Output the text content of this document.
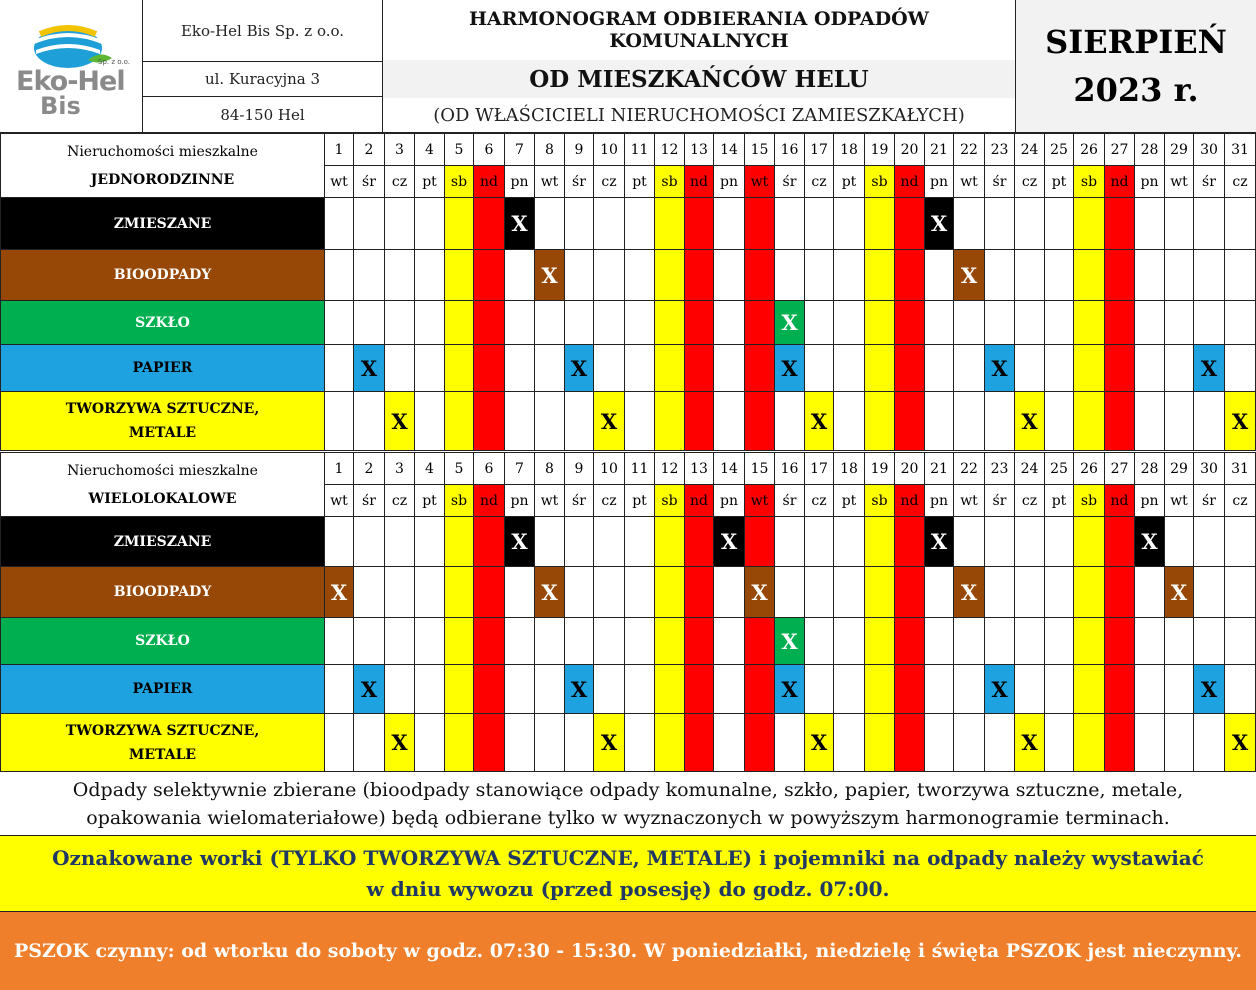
Sp. z o.o.
Eko-Hel
Bis
Eko-Hel Bis Sp. z o.o.
ul. Kuracyjna 3
84-150 Hel
HARMONOGRAM ODBIERANIA ODPADÓW KOMUNALNYCH
OD MIESZKAŃCÓW HELU
(OD WŁAŚCICIELI NIERUCHOMOŚCI ZAMIESZKAŁYCH)
SIERPIEŃ
2023 r.
Nieruchomości mieszkalne
JEDNORODZINNE	1	2	3	4	5	6	7	8	9	10	11	12	13	14	15	16	17	18	19	20	21	22	23	24	25	26	27	28	29	30	31
	wt	śr	cz	pt	sb	nd	pn	wt	śr	cz	pt	sb	nd	pn	wt	śr	cz	pt	sb	nd	pn	wt	śr	cz	pt	sb	nd	pn	wt	śr	cz
ZMIESZANE							X														X										

BIOODPADY								X														X									

SZKŁO																X															

PAPIER		X							X							X							X							X	

TWORZYWA SZTUCZNE, METALE			X							X							X							X							X
Nieruchomości mieszkalne
WIELOLOKALOWE	1	2	3	4	5	6	7	8	9	10	11	12	13	14	15	16	17	18	19	20	21	22	23	24	25	26	27	28	29	30	31
	wt	śr	cz	pt	sb	nd	pn	wt	śr	cz	pt	sb	nd	pn	wt	śr	cz	pt	sb	nd	pn	wt	śr	cz	pt	sb	nd	pn	wt	śr	cz
ZMIESZANE							X							X							X							X			

BIOODPADY	X							X							X							X							X		

SZKŁO																X															

PAPIER		X							X							X							X							X	

TWORZYWA SZTUCZNE, METALE			X							X							X							X							X
Odpady selektywnie zbierane (bioodpady stanowiące odpady komunalne, szkło, papier, tworzywa sztuczne, metale, opakowania wielomateriałowe) będą odbierane tylko w wyznaczonych w powyższym harmonogramie terminach.
Oznakowane worki (TYLKO TWORZYWA SZTUCZNE, METALE) i pojemniki na odpady należy wystawiać
w dniu wywozu (przed posesję) do godz. 07:00.
PSZOK czynny: od wtorku do soboty w godz. 07:30 - 15:30. W poniedziałki, niedzielę i święta PSZOK jest nieczynny.
